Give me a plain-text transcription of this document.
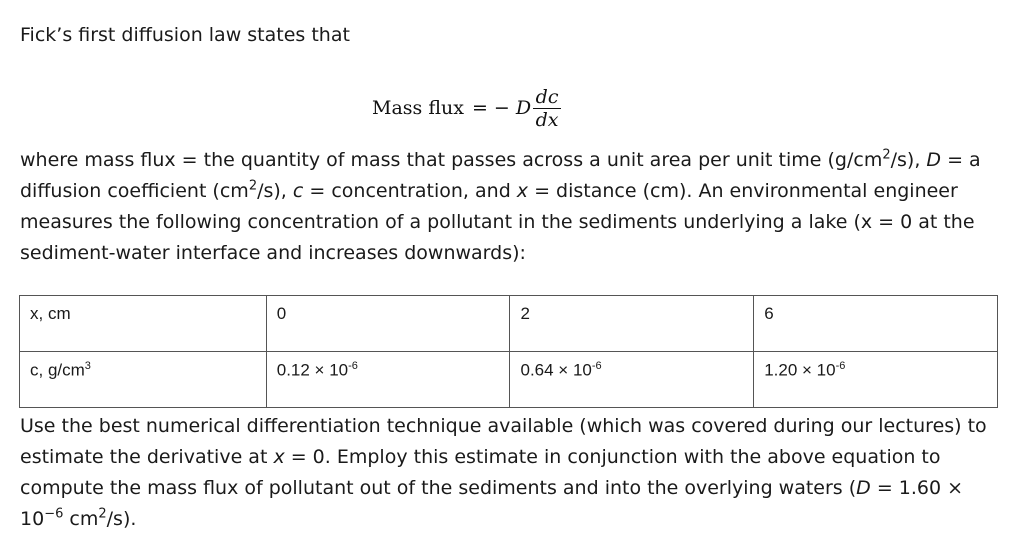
Fick’s first diffusion law states that
Mass flux = − D $\frac{dc}{dx}$

where mass flux = the quantity of mass that passes across a unit area per unit time $(g/cm^2/s)$, D = a diffusion coefficient $(cm^2/s)$, c = concentration, and x = distance (cm). An environmental engineer measures the following concentration of a pollutant in the sediments underlying a lake (x = 0 at the sediment-water interface and increases downwards):

x, cm	0	2	6
c, $g/cm^3$	$0.12 \times 10^{-6}$	$0.64 \times 10^{-6}$	$1.20 \times 10^{-6}$

Use the best numerical differentiation technique available (which was covered during our lectures) to estimate the derivative at x = 0. Employ this estimate in conjunction with the above equation to compute the mass flux of pollutant out of the sediments and into the overlying waters ($D = 1.60 \times 10^{-6}$ $cm^2/s$).
